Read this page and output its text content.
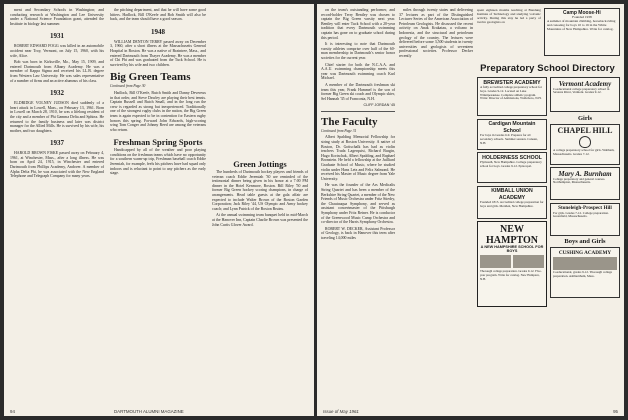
ment and Secondary Schools in Washington; and conducting research at Washington and Lee University under a National Science Foundation grant, attended the Institute in biology last summer.

1931

ROBERT EDWARD FOGG was killed in an automobile accident near Troy, Vermont, on July 15, 1960, with his wife, Alice.

Bob was born in Kirksville, Mo., May 15, 1909, and entered Dartmouth from Albany Academy. He was a member of Kappa Sigma and received his LL.B. degree from Western Law University. He was sales representative of a number of firms and an active alumnus of his class.

1932

ELDRIDGE VOLNEY JUDSON died suddenly of a heart attack in Lowell, Mass., on February 13, 1961. Born in Lowell on March 28, 1910, he was a lifelong resident of the city and a member of Phi Gamma Delta and Sphinx. He returned to the family business and later was district manager for the Allied Mills. He is survived by his wife, his mother, and two daughters.

1937

HAROLD BROWN FISKE passed away on February 4, 1961, at Winchester, Mass., after a long illness. He was born on April 24, 1915, in Winchester and entered Dartmouth from Phillips Academy, Andover. A member of Alpha Delta Phi, he was associated with the New England Telephone and Telegraph Company for many years.

the pitching department, and that he will have some good hitters. Hadlock, Bill O'Keefe and Bob Smith will also be back, and the team should have a good season.

1948

WILLIAM DENTON TERRY passed away on December 3, 1960, after a short illness at the Massachusetts General Hospital in Boston. He was a native of Braintree, Mass., and entered Dartmouth from Thayer Academy. He was a member of Chi Phi and was graduated from the Tuck School. He is survived by his wife and two children.

Big Green Teams
Continued from Page 30

Hadlock, Bill O'Keefe, Butch Smith and Danny Devereux in that order, and Steve Dawley are playing their best tennis. Captain Russell and Butch Small, and in the long run the crew is regarded as strong but inexperienced. Traditionally one of the strongest rugby clubs in the nation, the Big Green team is again expected to be in contention for Eastern rugby honors this spring. Forward John Edwards, high-scoring wing Tom Conger and Johnny Reed are among the veterans who return.

Freshman Spring Sports

Handicapped by all of the weather and poor playing conditions on the freshman teams which have no opportunity for a southern warm-up trip, Freshman baseball coach Eddie Jeremiah, for example, feels his pitchers have had squad only indoors and is reluctant to point to any pitchers as the early stage.

Green Jottings

The hundreds of Dartmouth hockey players and friends of veteran coach Eddie Jeremiah '30 are reminded of the testimonial dinner being given in his honor at a 7:00 PM dinner in the Hotel Kenmore, Boston. Bill Riley '50 and former Big Green hockey scoring champions, in charge of arrangements. Head table guests at the gala affair are expected to include Walter Brown of the Boston Garden Corporation; Jack Riley '44, US Olympic and Army hockey coach; and Lynn Patrick of the Boston Bruins.

At the annual swimming team banquet held in mid-March at the Hanover Inn, Captain Charlie Brown was presented the John Curtis Glover Award.

94	DARTMOUTH ALUMNI MAGAZINE

on the team's outstanding performer, and record-holder Terry Bentley was chosen to captain the Big Green varsity next year. Bentley will enter Tuck School with a 20-year tradition that every Dartmouth swimming captain has gone on to graduate school during this period.

It is interesting to note that Dartmouth varsity athletes comprise over half of the 60-man membership in Dartmouth's senior honor societies for the current year.

Chief starter for both the N.C.A.A. and A.A.U. swimming championship meets this year was Dartmouth swimming coach Karl Michael.

A member of the Dartmouth freshman ski team this year, Frank Hammel is the son of former Big Green ski coach and Olympic skier, Sel Hannah '35 of Franconia, N.H.

CLIFF JORDAN '45
The Faculty
Continued from Page 31

Albert Spalding Memorial Fellowship for string study at Boston University. A native of Boston, Dr. Gottschalk has had as violin teachers Truda Lagerquist, Richard Burgin, Hugo Kortschak, Albert Spalding, and Raphael Bronstein. He held a fellowship at the Juilliard Graduate School of Music, where he studied violin under Hans Letz and Felix Salmond. He received his Master of Music degree from Yale University.

He was the founder of the Ars Medicalis String Quartet and has been a member of the Berkshire String Quartet, a member of the New Friends of Music Orchestra under Fritz Stiedry, the Chautauqua Symphony, and served as assistant concertmaster of the Pittsburgh Symphony under Fritz Reiner. He is conductor of the Greenwood Music Camp Orchestra and co-director of the Harris Symphony Orchestra.

ROBERT W. DECKER, Assistant Professor of Geology, is back in Hanover this term after traveling 14,000 miles

miles through twenty states and delivering 37 lectures as part of the Distinguished Lecturer Series of the American Association of Petroleum Geologists. He discussed the recent activity on Anak Krakatau, a volcano in Indonesia, and the structural and petroleum geology of the country. The lectures were delivered before some 3,500 students in twenty universities and geologists of seventeen professional societies. Professor Decker recently

spent eighteen months teaching at Bandung Institute of Technology and studying volcanic activity. During this stay he led a party of twelve geologists on
Camp Moose-Hi
Founded 1938
A summer of mountain climbing, horseback riding and canoeing for boys 10 to 16 in the White Mountains of New Hampshire. Write for catalog.
Preparatory School Directory
BREWSTER ACADEMY
A fully accredited college preparatory school for boys. Grades 9-12. Located on Lake Winnipesaukee. Complete athletic program. Write: Director of Admissions, Wolfeboro, N.H.
Cardigan Mountain School
For boys in Grades 6-9. Prepares for all secondary schools. Summer session. Canaan, N.H.
HOLDERNESS SCHOOL
Plymouth, New Hampshire. College preparatory school for boys. Grades 9-12. Episcopal.
KIMBALL UNION ACADEMY
Founded 1813. Accredited college preparation for boys and girls. Meriden, New Hampshire.
NEW HAMPTON
A NEW HAMPSHIRE SCHOOL FOR BOYS
Thorough college preparation. Grades 9-12. Five-year program. Write for catalog. New Hampton, N.H.
Vermont Academy
Coeducational college preparatory school in Saxtons River, Vermont. Grades 9-12.
Girls
CHAPEL HILL
A college preparatory school for girls. Waltham, Massachusetts. Grades 7-12.
Mary A. Burnham
College preparatory and general courses. Northampton, Massachusetts.
Stoneleigh-Prospect Hill
For girls. Grades 7-12. College preparation. Greenfield, Massachusetts.
Boys and Girls
CUSHING ACADEMY
Coeducational, grades 9-12. Thorough college preparation. Ashburnham, Mass.
Issue of May 1961	95
